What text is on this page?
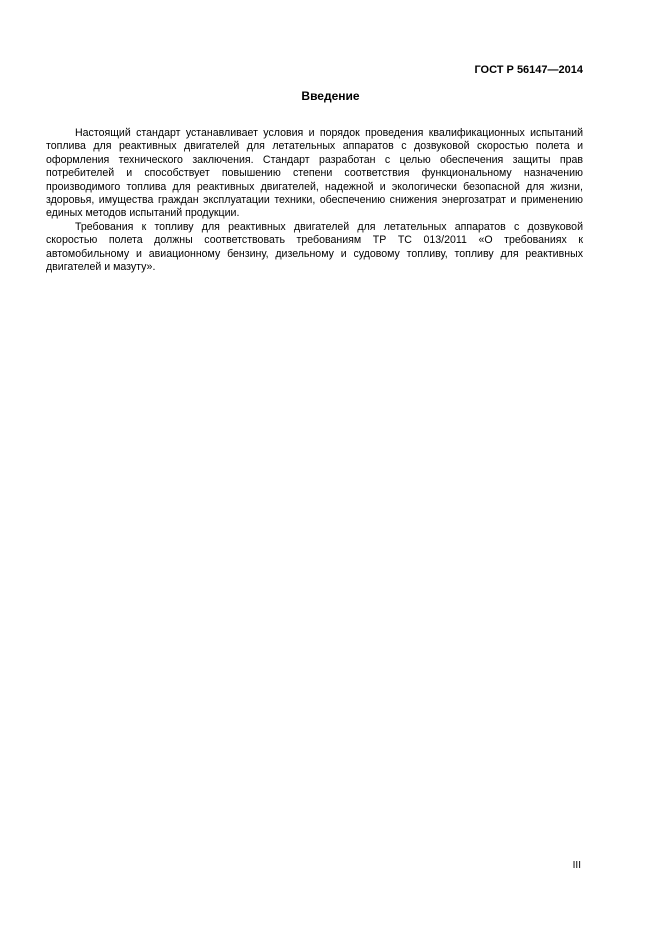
ГОСТ Р 56147—2014
Введение

Настоящий стандарт устанавливает условия и порядок проведения квалификационных испытаний топлива для реактивных двигателей для летательных аппаратов с дозвуковой скоростью полета и оформления технического заключения. Стандарт разработан с целью обеспечения защиты прав потребителей и способствует повышению степени соответствия функциональному назначению производимого топлива для реактивных двигателей, надежной и экологически безопасной для жизни, здоровья, имущества граждан эксплуатации техники, обеспечению снижения энергозатрат и применению единых методов испытаний продукции.

Требования к топливу для реактивных двигателей для летательных аппаратов с дозвуковой скоростью полета должны соответствовать требованиям ТР ТС 013/2011 «О требованиях к автомобильному и авиационному бензину, дизельному и судовому топливу, топливу для реактивных двигателей и мазуту».

III
